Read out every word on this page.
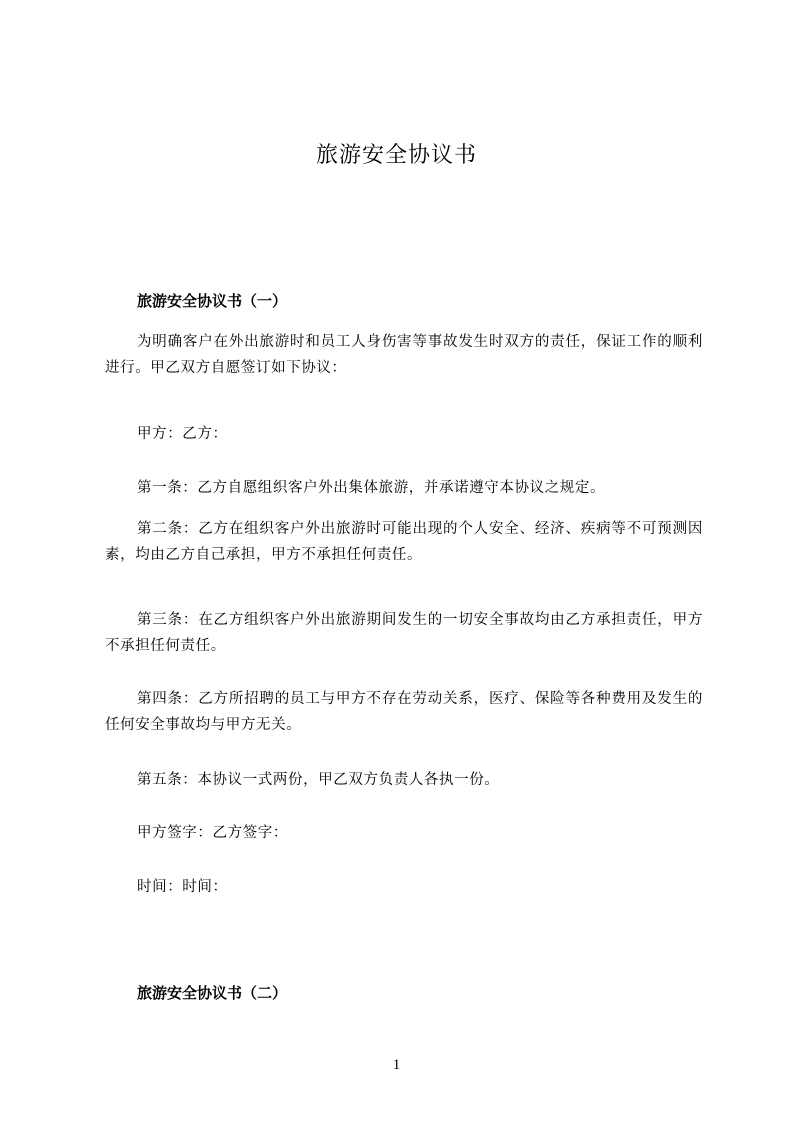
旅游安全协议书
旅游安全协议书（一）

为明确客户在外出旅游时和员工人身伤害等事故发生时双方的责任，保证工作的顺利进行。甲乙双方自愿签订如下协议：

甲方：乙方：

第一条：乙方自愿组织客户外出集体旅游，并承诺遵守本协议之规定。

第二条：乙方在组织客户外出旅游时可能出现的个人安全、经济、疾病等不可预测因素，均由乙方自己承担，甲方不承担任何责任。

第三条：在乙方组织客户外出旅游期间发生的一切安全事故均由乙方承担责任，甲方不承担任何责任。

第四条：乙方所招聘的员工与甲方不存在劳动关系，医疗、保险等各种费用及发生的任何安全事故均与甲方无关。

第五条：本协议一式两份，甲乙双方负责人各执一份。

甲方签字：乙方签字：

时间：时间：

旅游安全协议书（二）
1
